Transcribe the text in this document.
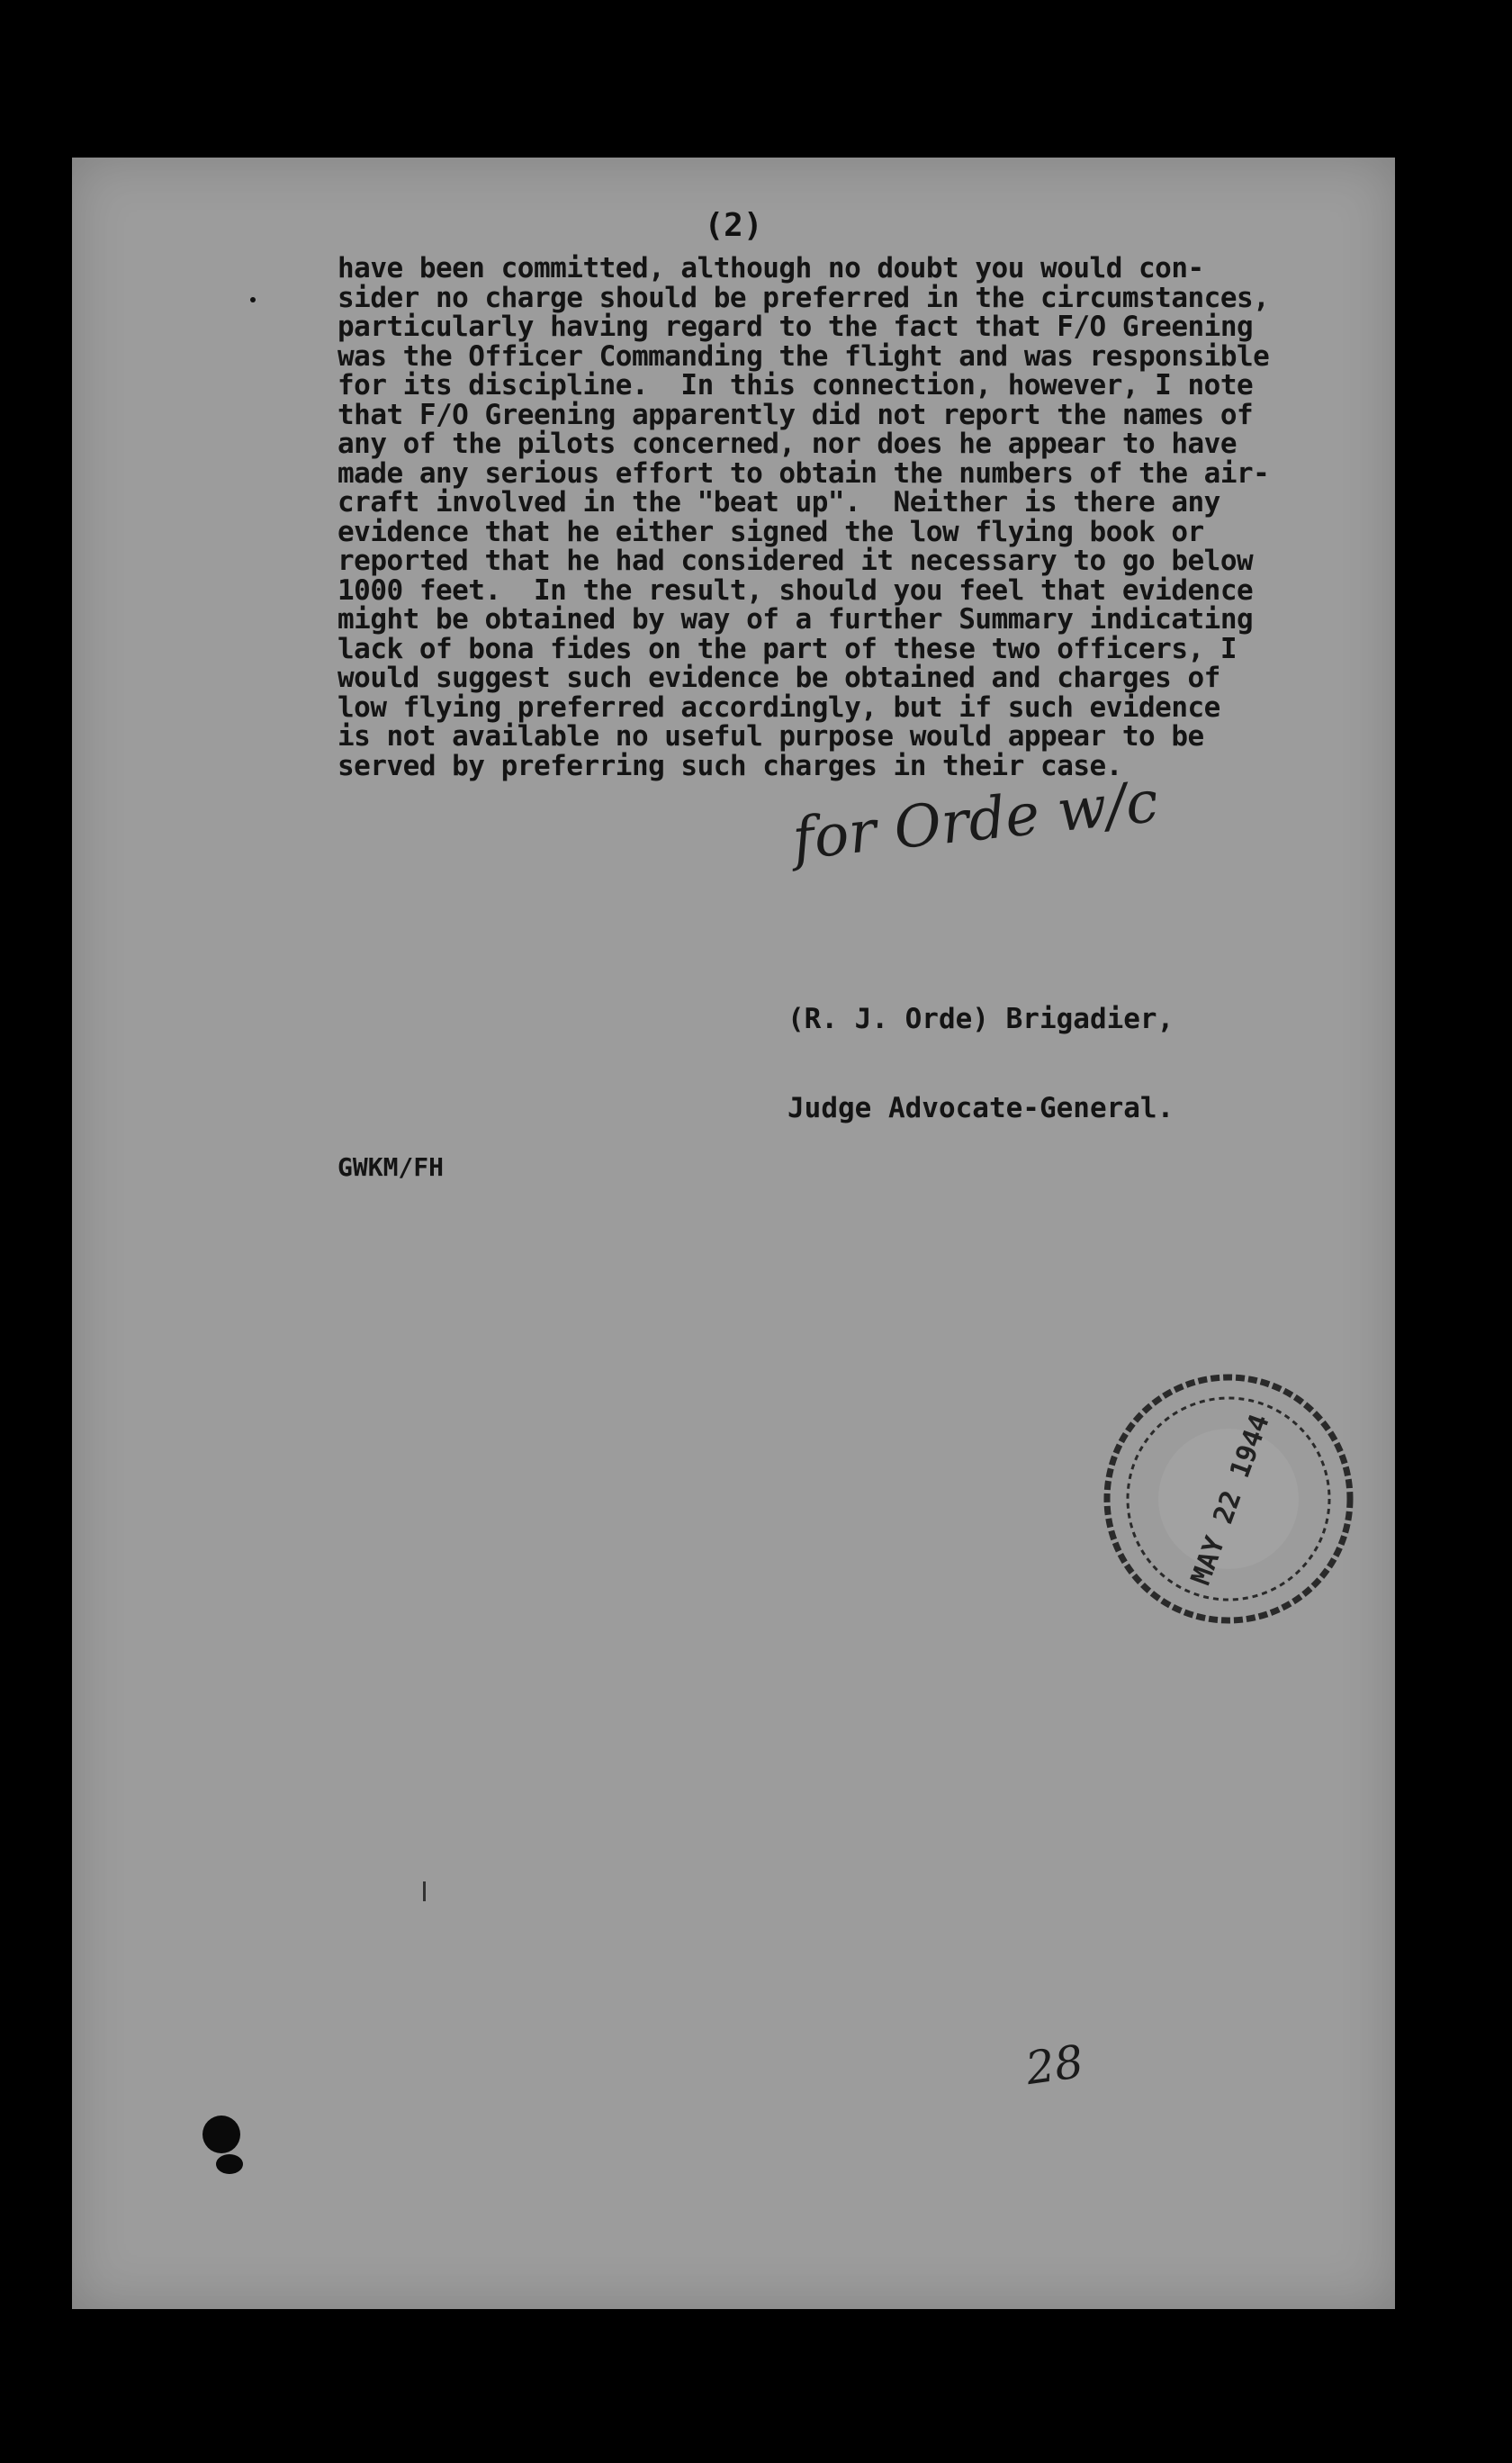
(2)
have been committed, although no doubt you would con-
sider no charge should be preferred in the circumstances,
particularly having regard to the fact that F/O Greening
was the Officer Commanding the flight and was responsible
for its discipline.  In this connection, however, I note
that F/O Greening apparently did not report the names of
any of the pilots concerned, nor does he appear to have
made any serious effort to obtain the numbers of the air-
craft involved in the "beat up".  Neither is there any
evidence that he either signed the low flying book or
reported that he had considered it necessary to go below
1000 feet.  In the result, should you feel that evidence
might be obtained by way of a further Summary indicating
lack of bona fides on the part of these two officers, I
would suggest such evidence be obtained and charges of
low flying preferred accordingly, but if such evidence
is not available no useful purpose would appear to be
served by preferring such charges in their case.
for Orde w/c

(R. J. Orde) Brigadier,

Judge Advocate-General.

GWKM/FH
MAY 22 1944
28
